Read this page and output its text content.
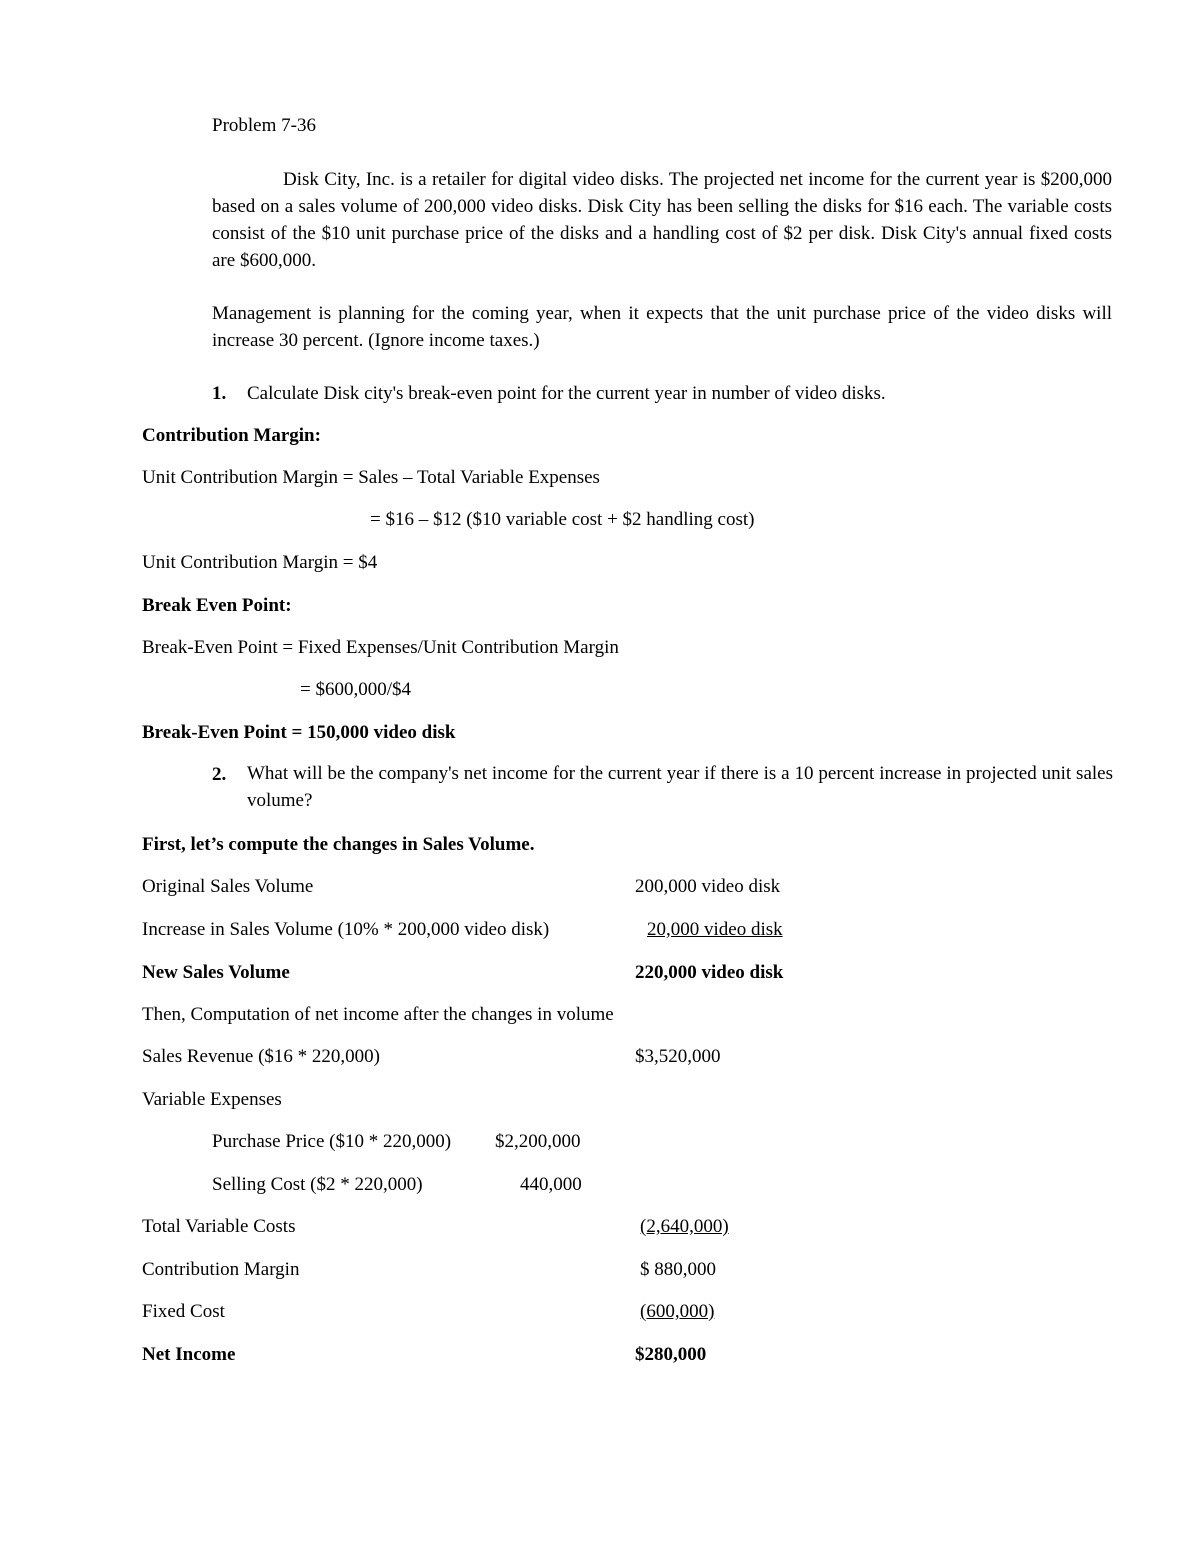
Problem 7-36

Disk City, Inc. is a retailer for digital video disks. The projected net income for the current year is $200,000 based on a sales volume of 200,000 video disks. Disk City has been selling the disks for $16 each. The variable costs consist of the $10 unit purchase price of the disks and a handling cost of $2 per disk. Disk City's annual fixed costs are $600,000.

Management is planning for the coming year, when it expects that the unit purchase price of the video disks will increase 30 percent. (Ignore income taxes.)

1. Calculate Disk city's break-even point for the current year in number of video disks.
Contribution Margin:
Unit Contribution Margin = Sales – Total Variable Expenses
= $16 – $12 ($10 variable cost + $2 handling cost)
Unit Contribution Margin = $4
Break Even Point:
Break-Even Point = Fixed Expenses/Unit Contribution Margin
= $600,000/$4
Break-Even Point = 150,000 video disk
2. What will be the company's net income for the current year if there is a 10 percent increase in projected unit sales volume?
First, let’s compute the changes in Sales Volume.
Original Sales Volume	200,000 video disk
Increase in Sales Volume (10% * 200,000 video disk)	20,000 video disk
New Sales Volume	220,000 video disk
Then, Computation of net income after the changes in volume
Sales Revenue ($16 * 220,000)	$3,520,000
Variable Expenses
Purchase Price ($10 * 220,000) $2,200,000
Selling Cost ($2 * 220,000)	440,000
Total Variable Costs	(2,640,000)
Contribution Margin	$ 880,000
Fixed Cost	(600,000)
Net Income	$280,000
